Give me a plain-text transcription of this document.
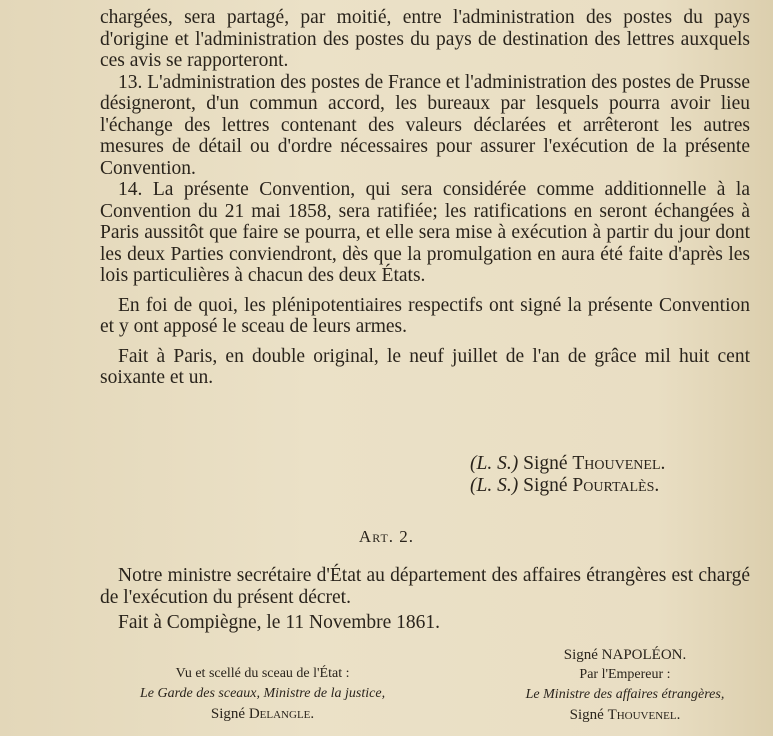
chargées, sera partagé, par moitié, entre l'administration des postes du pays d'origine et l'administration des postes du pays de destination des lettres auxquels ces avis se rapporteront.

13. L'administration des postes de France et l'administration des postes de Prusse désigneront, d'un commun accord, les bureaux par lesquels pourra avoir lieu l'échange des lettres contenant des valeurs déclarées et arrêteront les autres mesures de détail ou d'ordre nécessaires pour assurer l'exécution de la présente Convention.

14. La présente Convention, qui sera considérée comme additionnelle à la Convention du 21 mai 1858, sera ratifiée; les ratifications en seront échangées à Paris aussitôt que faire se pourra, et elle sera mise à exécution à partir du jour dont les deux Parties conviendront, dès que la promulgation en aura été faite d'après les lois particulières à chacun des deux États.

En foi de quoi, les plénipotentiaires respectifs ont signé la présente Convention et y ont apposé le sceau de leurs armes.

Fait à Paris, en double original, le neuf juillet de l'an de grâce mil huit cent soixante et un.

(L. S.) Signé Thouvenel.
(L. S.) Signé Pourtalès.
Art. 2.

Notre ministre secrétaire d'État au département des affaires étrangères est chargé de l'exécution du présent décret.

Fait à Compiègne, le 11 Novembre 1861.

Vu et scellé du sceau de l'État :
Le Garde des sceaux, Ministre de la justice,
Signé Delangle.
Signé NAPOLÉON.
Par l'Empereur :
Le Ministre des affaires étrangères,
Signé Thouvenel.
